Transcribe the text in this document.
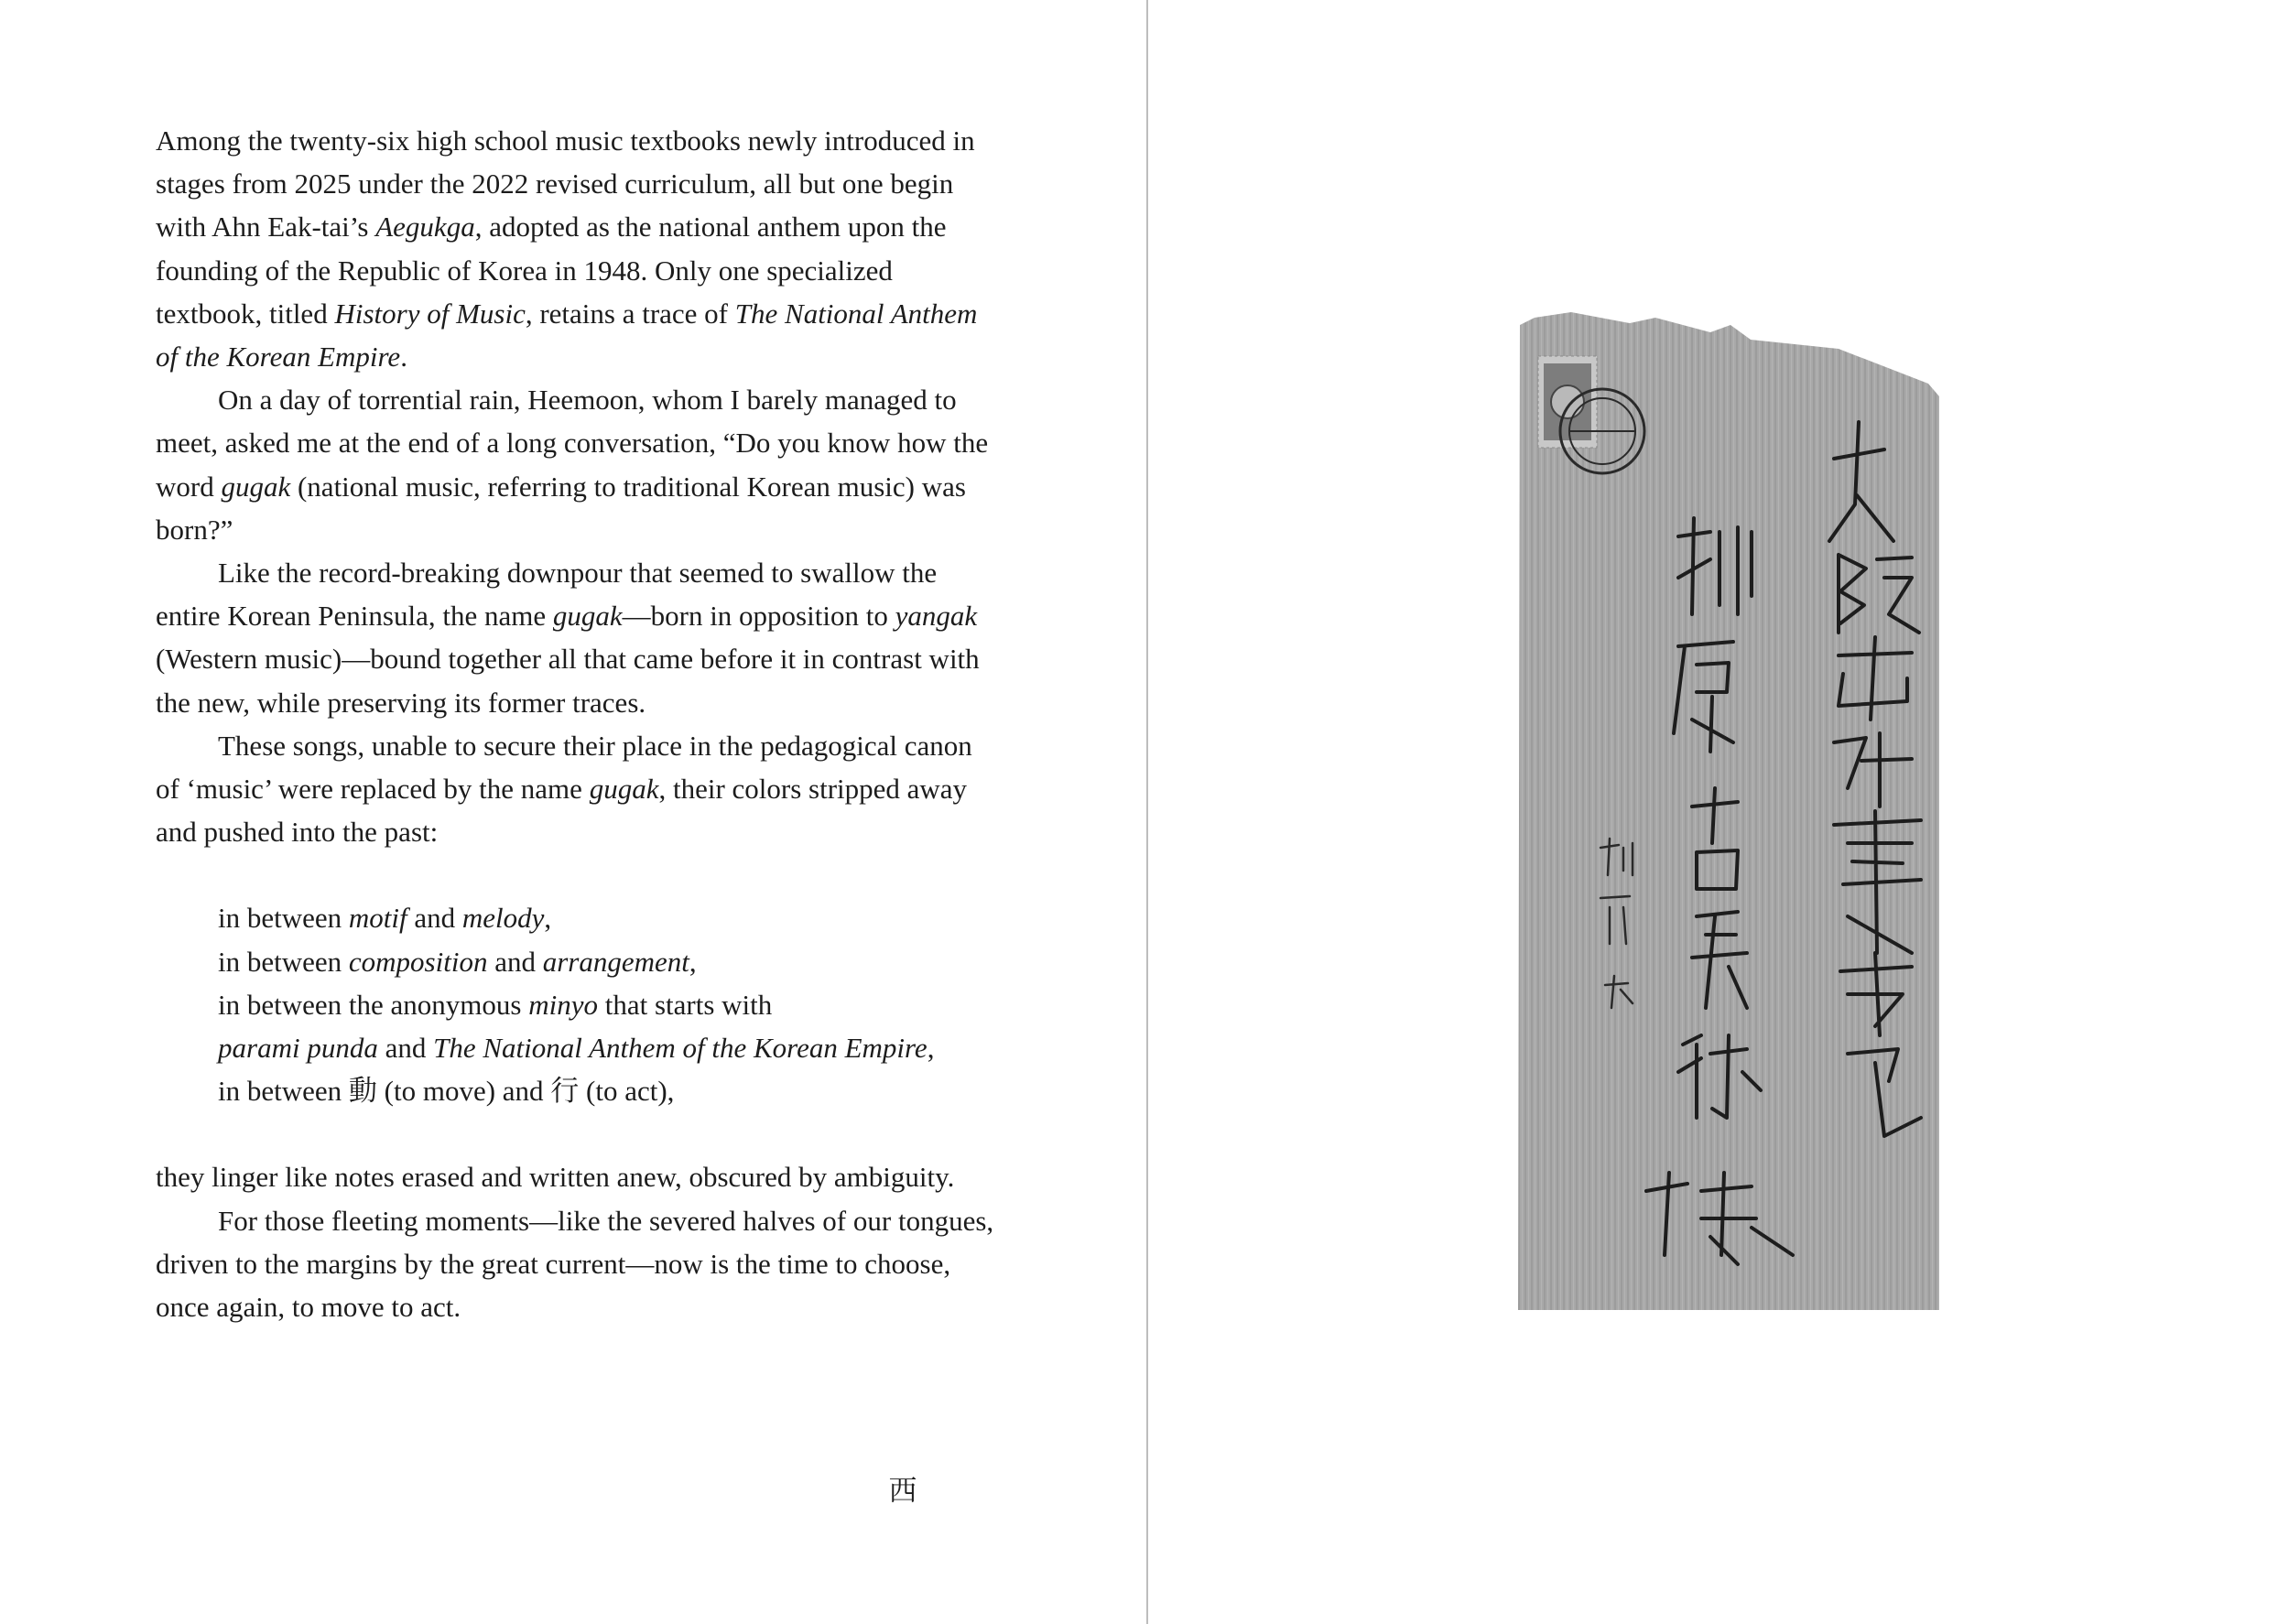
Among the twenty-six high school music textbooks newly introduced in stages from 2025 under the 2022 revised curriculum, all but one begin with Ahn Eak-tai’s Aegukga, adopted as the national anthem upon the founding of the Republic of Korea in 1948. Only one specialized textbook, titled History of Music, retains a trace of The National Anthem of the Korean Empire.

On a day of torrential rain, Heemoon, whom I barely managed to meet, asked me at the end of a long conversation, “Do you know how the word gugak (national music, referring to traditional Korean music) was born?”

Like the record-breaking downpour that seemed to swallow the entire Korean Peninsula, the name gugak—born in opposition to yangak (Western music)—bound together all that came before it in contrast with the new, while preserving its former traces.

These songs, unable to secure their place in the pedagogical canon of ‘music’ were replaced by the name gugak, their colors stripped away and pushed into the past:

in between motif and melody,
in between composition and arrangement,
in between the anonymous minyo that starts with
parami punda and The National Anthem of the Korean Empire,
in between 動 (to move) and 行 (to act),

they linger like notes erased and written anew, obscured by ambiguity.

For those fleeting moments—like the severed halves of our tongues, driven to the margins by the great current—now is the time to choose, once again, to move to act.

西
